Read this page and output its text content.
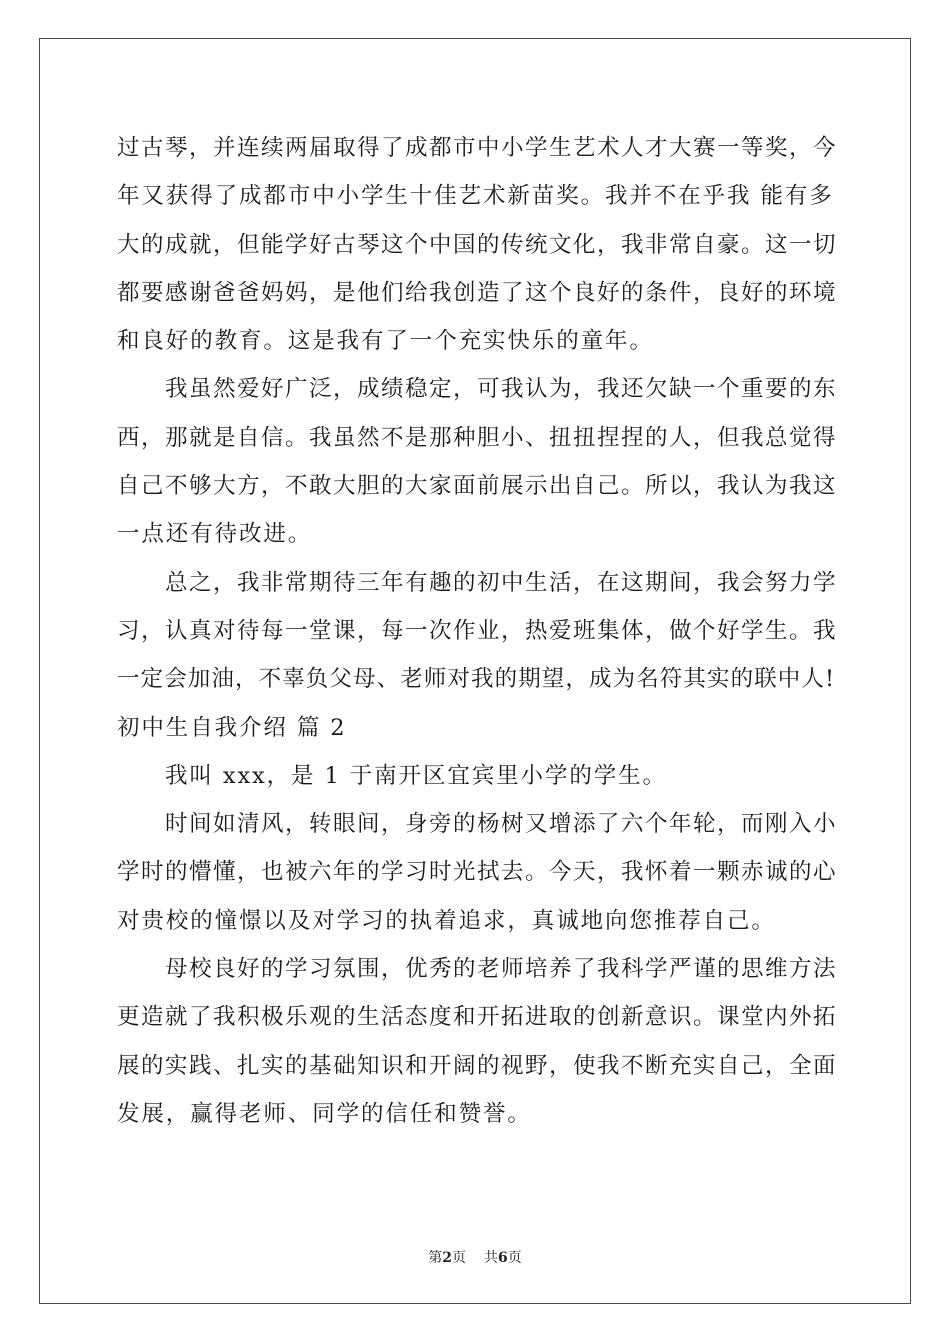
过古琴，并连续两届取得了成都市中小学生艺术人才大赛一等奖，今
年又获得了成都市中小学生十佳艺术新苗奖。我并不在乎我 能有多
大的成就，但能学好古琴这个中国的传统文化，我非常自豪。这一切
都要感谢爸爸妈妈，是他们给我创造了这个良好的条件，良好的环境
和良好的教育。这是我有了一个充实快乐的童年。
我虽然爱好广泛，成绩稳定，可我认为，我还欠缺一个重要的东
西，那就是自信。我虽然不是那种胆小、扭扭捏捏的人，但我总觉得
自己不够大方，不敢大胆的大家面前展示出自己。所以，我认为我这
一点还有待改进。
总之，我非常期待三年有趣的初中生活，在这期间，我会努力学
习，认真对待每一堂课，每一次作业，热爱班集体，做个好学生。我
一定会加油，不辜负父母、老师对我的期望，成为名符其实的联中人!
初中生自我介绍 篇 2
我叫 xxx，是 1 于南开区宜宾里小学的学生。
时间如清风，转眼间，身旁的杨树又增添了六个年轮，而刚入小
学时的懵懂，也被六年的学习时光拭去。今天，我怀着一颗赤诚的心
对贵校的憧憬以及对学习的执着追求，真诚地向您推荐自己。
母校良好的学习氛围，优秀的老师培养了我科学严谨的思维方法
更造就了我积极乐观的生活态度和开拓进取的创新意识。课堂内外拓
展的实践、扎实的基础知识和开阔的视野，使我不断充实自己，全面
发展，赢得老师、同学的信任和赞誉。
第2页 共6页
